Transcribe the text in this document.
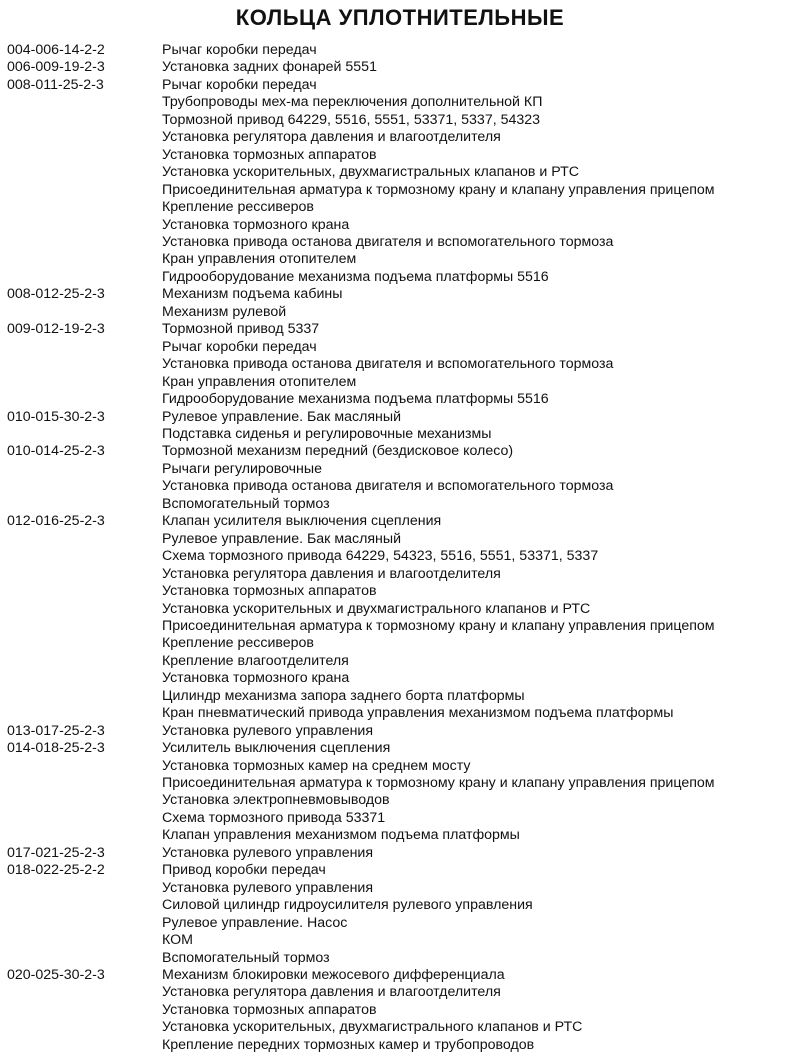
КОЛЬЦА УПЛОТНИТЕЛЬНЫЕ
004-006-14-2-2	Рычаг коробки передач
006-009-19-2-3	Установка задних фонарей 5551
008-011-25-2-3	Рычаг коробки передач
Трубопроводы мех-ма переключения дополнительной КП
Тормозной привод 64229, 5516, 5551, 53371, 5337, 54323
Установка регулятора давления и влагоотделителя
Установка тормозных аппаратов
Установка ускорительных, двухмагистральных клапанов и РТС
Присоединительная арматура к тормозному крану и клапану управления прицепом
Крепление рессиверов
Установка тормозного крана
Установка привода останова двигателя и вспомогательного тормоза
Кран управления отопителем
Гидрооборудование механизма подъема платформы 5516
008-012-25-2-3	Механизм подъема кабины
Механизм рулевой
009-012-19-2-3	Тормозной привод 5337
Рычаг коробки передач
Установка привода останова двигателя и вспомогательного тормоза
Кран управления отопителем
Гидрооборудование механизма подъема платформы 5516
010-015-30-2-3	Рулевое управление. Бак масляный
Подставка сиденья и регулировочные механизмы
010-014-25-2-3	Тормозной механизм передний (бездисковое колесо)
Рычаги регулировочные
Установка привода останова двигателя и вспомогательного тормоза
Вспомогательный тормоз
012-016-25-2-3	Клапан усилителя выключения сцепления
Рулевое управление. Бак масляный
Схема тормозного привода 64229, 54323, 5516, 5551, 53371, 5337
Установка регулятора давления и влагоотделителя
Установка тормозных аппаратов
Установка ускорительных и двухмагистрального клапанов и РТС
Присоединительная арматура к тормозному крану и клапану управления прицепом
Крепление рессиверов
Крепление влагоотделителя
Установка тормозного крана
Цилиндр механизма запора заднего борта платформы
Кран пневматический привода управления механизмом подъема платформы
013-017-25-2-3	Установка рулевого управления
014-018-25-2-3	Усилитель выключения сцепления
Установка тормозных камер на среднем мосту
Присоединительная арматура к тормозному крану и клапану управления прицепом
Установка электропневмовыводов
Схема тормозного привода 53371
Клапан управления механизмом подъема платформы
017-021-25-2-3	Установка рулевого управления
018-022-25-2-2	Привод коробки передач
Установка рулевого управления
Силовой цилиндр гидроусилителя рулевого управления
Рулевое управление. Насос
КОМ
Вспомогательный тормоз
020-025-30-2-3	Механизм блокировки межосевого дифференциала
Установка регулятора давления и влагоотделителя
Установка тормозных аппаратов
Установка ускорительных, двухмагистрального клапанов и РТС
Крепление передних тормозных камер и трубопроводов
